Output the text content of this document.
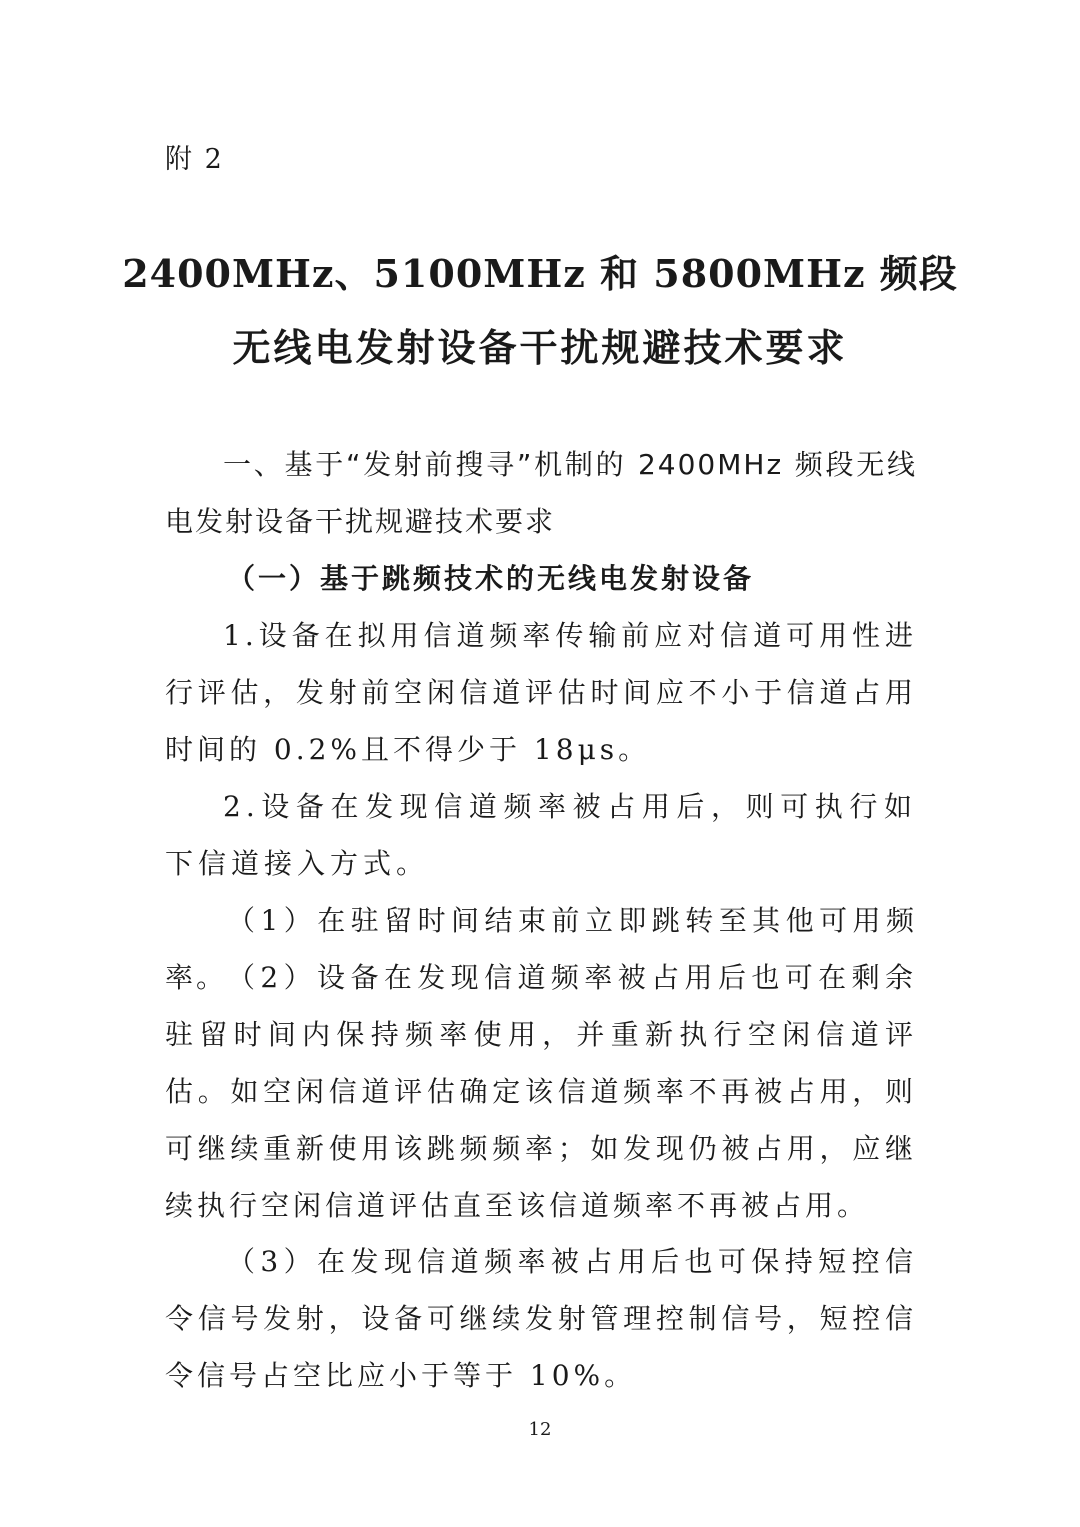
附 2
2400MHz、5100MHz 和 5800MHz 频段
无线电发射设备干扰规避技术要求
一、基于“发射前搜寻”机制的 2400MHz 频段无线电发射设备干扰规避技术要求
（一）基于跳频技术的无线电发射设备
1.设备在拟用信道频率传输前应对信道可用性进行评估，发射前空闲信道评估时间应不小于信道占用时间的 0.2%且不得少于 18μs。
2.设备在发现信道频率被占用后，则可执行如下信道接入方式。
（1）在驻留时间结束前立即跳转至其他可用频率。 （2）设备在发现信道频率被占用后也可在剩余驻留时间内保持频率使用，并重新执行空闲信道评估。如空闲信道评估确定该信道频率不再被占用，则可继续重新使用该跳频频率；如发现仍被占用，应继续执行空闲信道评估直至该信道频率不再被占用。
（3）在发现信道频率被占用后也可保持短控信令信号发射，设备可继续发射管理控制信号，短控信令信号占空比应小于等于 10%。
12
